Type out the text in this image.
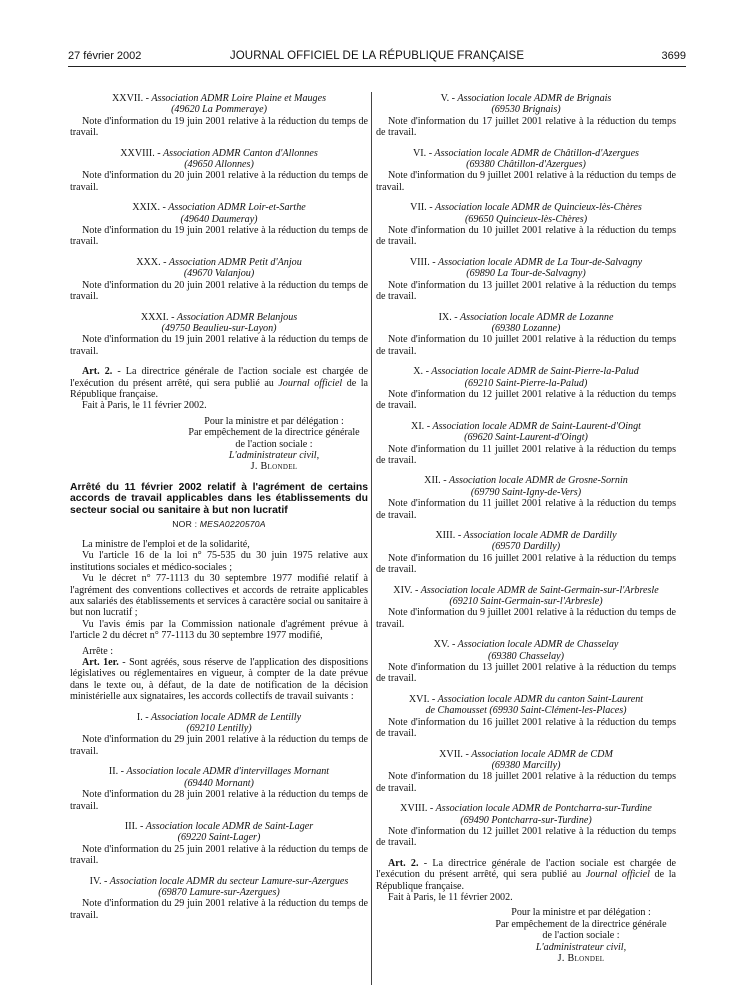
27 février 2002	JOURNAL OFFICIEL DE LA RÉPUBLIQUE FRANÇAISE	3699

XXVII. - Association ADMR Loire Plaine et Mauges

(49620 La Pommeraye)

Note d'information du 19 juin 2001 relative à la réduction du temps de travail.

XXVIII. - Association ADMR Canton d'Allonnes

(49650 Allonnes)

Note d'information du 20 juin 2001 relative à la réduction du temps de travail.

XXIX. - Association ADMR Loir-et-Sarthe

(49640 Daumeray)

Note d'information du 19 juin 2001 relative à la réduction du temps de travail.

XXX. - Association ADMR Petit d'Anjou

(49670 Valanjou)

Note d'information du 20 juin 2001 relative à la réduction du temps de travail.

XXXI. - Association ADMR Belanjous

(49750 Beaulieu-sur-Layon)

Note d'information du 19 juin 2001 relative à la réduction du temps de travail.

Art. 2. - La directrice générale de l'action sociale est chargée de l'exécution du présent arrêté, qui sera publié au Journal officiel de la République française.

Fait à Paris, le 11 février 2002.

Pour la ministre et par délégation :

Par empêchement de la directrice générale

de l'action sociale :

L'administrateur civil,

J. Blondel

Arrêté du 11 février 2002 relatif à l'agrément de certains accords de travail applicables dans les établissements du secteur social ou sanitaire à but non lucratif

NOR : MESA0220570A

La ministre de l'emploi et de la solidarité,

Vu l'article 16 de la loi n° 75-535 du 30 juin 1975 relative aux institutions sociales et médico-sociales ;

Vu le décret n° 77-1113 du 30 septembre 1977 modifié relatif à l'agrément des conventions collectives et accords de retraite applicables aux salariés des établissements et services à caractère social ou sanitaire à but non lucratif ;

Vu l'avis émis par la Commission nationale d'agrément prévue à l'article 2 du décret n° 77-1113 du 30 septembre 1977 modifié,

Arrête :

Art. 1er. - Sont agréés, sous réserve de l'application des dispositions législatives ou réglementaires en vigueur, à compter de la date prévue dans le texte ou, à défaut, de la date de notification de la décision ministérielle aux signataires, les accords collectifs de travail suivants :

I. - Association locale ADMR de Lentilly

(69210 Lentilly)

Note d'information du 29 juin 2001 relative à la réduction du temps de travail.

II. - Association locale ADMR d'intervillages Mornant

(69440 Mornant)

Note d'information du 28 juin 2001 relative à la réduction du temps de travail.

III. - Association locale ADMR de Saint-Lager

(69220 Saint-Lager)

Note d'information du 25 juin 2001 relative à la réduction du temps de travail.

IV. - Association locale ADMR du secteur Lamure-sur-Azergues

(69870 Lamure-sur-Azergues)

Note d'information du 29 juin 2001 relative à la réduction du temps de travail.

V. - Association locale ADMR de Brignais

(69530 Brignais)

Note d'information du 17 juillet 2001 relative à la réduction du temps de travail.

VI. - Association locale ADMR de Châtillon-d'Azergues

(69380 Châtillon-d'Azergues)

Note d'information du 9 juillet 2001 relative à la réduction du temps de travail.

VII. - Association locale ADMR de Quincieux-lès-Chères

(69650 Quincieux-lès-Chères)

Note d'information du 10 juillet 2001 relative à la réduction du temps de travail.

VIII. - Association locale ADMR de La Tour-de-Salvagny

(69890 La Tour-de-Salvagny)

Note d'information du 13 juillet 2001 relative à la réduction du temps de travail.

IX. - Association locale ADMR de Lozanne

(69380 Lozanne)

Note d'information du 10 juillet 2001 relative à la réduction du temps de travail.

X. - Association locale ADMR de Saint-Pierre-la-Palud

(69210 Saint-Pierre-la-Palud)

Note d'information du 12 juillet 2001 relative à la réduction du temps de travail.

XI. - Association locale ADMR de Saint-Laurent-d'Oingt

(69620 Saint-Laurent-d'Oingt)

Note d'information du 11 juillet 2001 relative à la réduction du temps de travail.

XII. - Association locale ADMR de Grosne-Sornin

(69790 Saint-Igny-de-Vers)

Note d'information du 11 juillet 2001 relative à la réduction du temps de travail.

XIII. - Association locale ADMR de Dardilly

(69570 Dardilly)

Note d'information du 16 juillet 2001 relative à la réduction du temps de travail.

XIV. - Association locale ADMR de Saint-Germain-sur-l'Arbresle

(69210 Saint-Germain-sur-l'Arbresle)

Note d'information du 9 juillet 2001 relative à la réduction du temps de travail.

XV. - Association locale ADMR de Chasselay

(69380 Chasselay)

Note d'information du 13 juillet 2001 relative à la réduction du temps de travail.

XVI. - Association locale ADMR du canton Saint-Laurent

de Chamousset (69930 Saint-Clément-les-Places)

Note d'information du 16 juillet 2001 relative à la réduction du temps de travail.

XVII. - Association locale ADMR de CDM

(69380 Marcilly)

Note d'information du 18 juillet 2001 relative à la réduction du temps de travail.

XVIII. - Association locale ADMR de Pontcharra-sur-Turdine

(69490 Pontcharra-sur-Turdine)

Note d'information du 12 juillet 2001 relative à la réduction du temps de travail.

Art. 2. - La directrice générale de l'action sociale est chargée de l'exécution du présent arrêté, qui sera publié au Journal officiel de la République française.

Fait à Paris, le 11 février 2002.

Pour la ministre et par délégation :

Par empêchement de la directrice générale

de l'action sociale :

L'administrateur civil,

J. Blondel
